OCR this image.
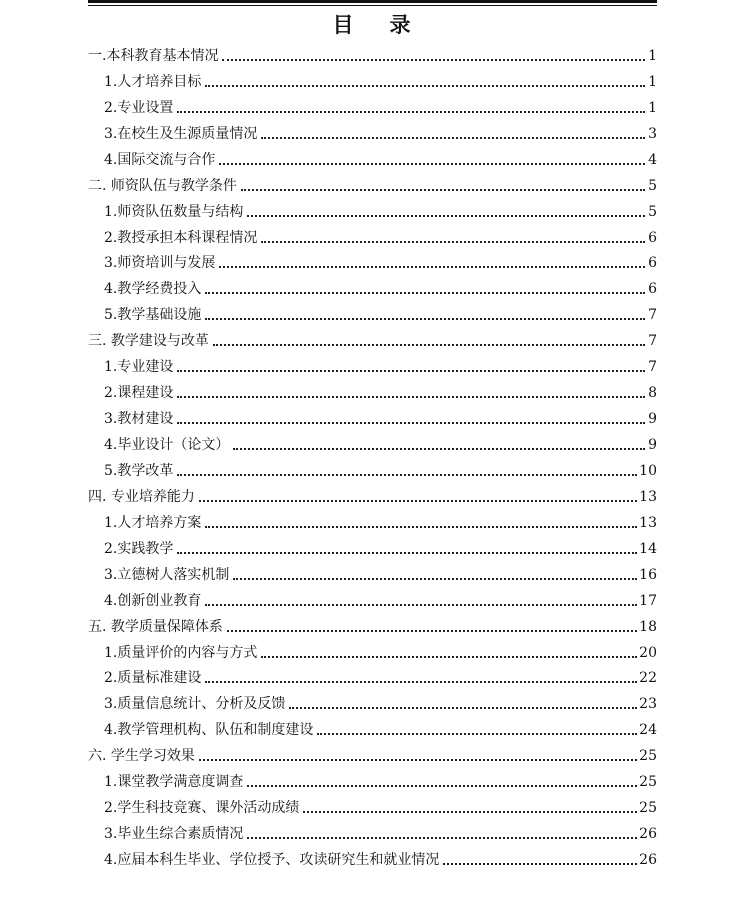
目 录
一.本科教育基本情况	1
1.人才培养目标	1
2.专业设置	1
3.在校生及生源质量情况	3
4.国际交流与合作	4
二. 师资队伍与教学条件	5
1.师资队伍数量与结构	5
2.教授承担本科课程情况	6
3.师资培训与发展	6
4.教学经费投入	6
5.教学基础设施	7
三. 教学建设与改革	7
1.专业建设	7
2.课程建设	8
3.教材建设	9
4.毕业设计（论文）	9
5.教学改革	10
四. 专业培养能力	13
1.人才培养方案	13
2.实践教学	14
3.立德树人落实机制	16
4.创新创业教育	17
五. 教学质量保障体系	18
1.质量评价的内容与方式	20
2.质量标准建设	22
3.质量信息统计、分析及反馈	23
4.教学管理机构、队伍和制度建设	24
六. 学生学习效果	25
1.课堂教学满意度调查	25
2.学生科技竞赛、课外活动成绩	25
3.毕业生综合素质情况	26
4.应届本科生毕业、学位授予、攻读研究生和就业情况	26
